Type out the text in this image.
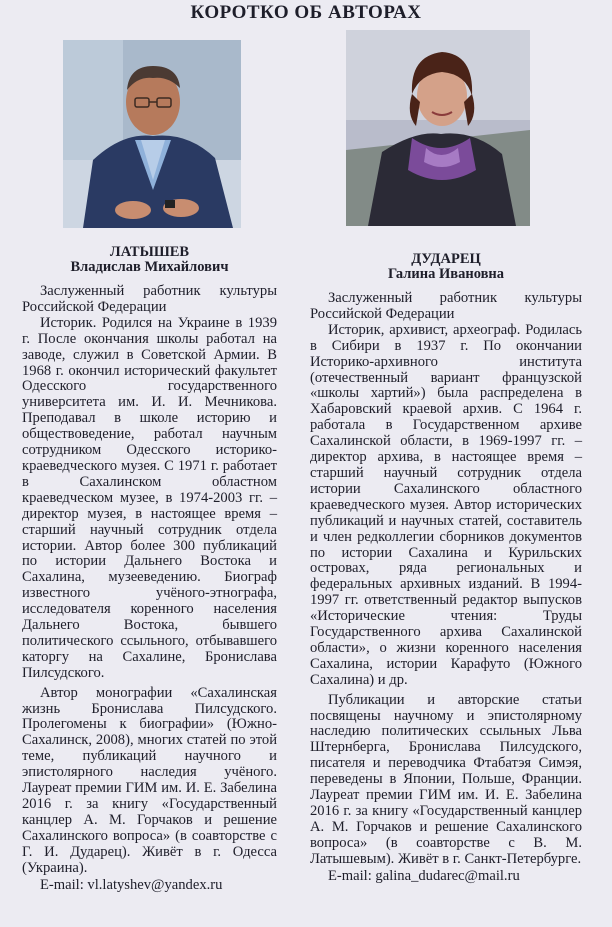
КОРОТКО ОБ АВТОРАХ
ЛАТЫШЕВ
Владислав Михайлович

Заслуженный работник культуры Российской Федерации

Историк. Родился на Украине в 1939 г. После окончания школы работал на заводе, служил в Советской Армии. В 1968 г. окончил исторический факультет Одесского государственного университета им. И. И. Мечникова. Преподавал в школе историю и обществоведение, работал научным сотрудником Одесского историко-краеведческого музея. С 1971 г. работает в Сахалинском областном краеведческом музее, в 1974-2003 гг. – директор музея, в настоящее время – старший научный сотрудник отдела истории. Автор более 300 публикаций по истории Дальнего Востока и Сахалина, музееведению. Биограф известного учёного-этнографа, исследователя коренного населения Дальнего Востока, бывшего политического ссыльного, отбывавшего каторгу на Сахалине, Бронислава Пилсудского.

Автор монографии «Сахалинская жизнь Бронислава Пилсудского. Пролегомены к биографии» (Южно-Сахалинск, 2008), многих статей по этой теме, публикаций научного и эпистолярного наследия учёного. Лауреат премии ГИМ им. И. Е. Забелина 2016 г. за книгу «Государственный канцлер А. М. Горчаков и решение Сахалинского вопроса» (в соавторстве с Г. И. Дударец). Живёт в г. Одесса (Украина).

E-mail: vl.latyshev@yandex.ru
ДУДАРЕЦ
Галина Ивановна

Заслуженный работник культуры Российской Федерации

Историк, архивист, археограф. Родилась в Сибири в 1937 г. По окончании Историко-архивного института (отечественный вариант французской «школы хартий») была распределена в Хабаровский краевой архив. С 1964 г. работала в Государственном архиве Сахалинской области, в 1969-1997 гг. – директор архива, в настоящее время – старший научный сотрудник отдела истории Сахалинского областного краеведческого музея. Автор исторических публикаций и научных статей, составитель и член редколлегии сборников документов по истории Сахалина и Курильских островах, ряда региональных и федеральных архивных изданий. В 1994-1997 гг. ответственный редактор выпусков «Исторические чтения: Труды Государственного архива Сахалинской области», о жизни коренного населения Сахалина, истории Карафуто (Южного Сахалина) и др.

Публикации и авторские статьи посвящены научному и эпистолярному наследию политических ссыльных Льва Штернберга, Бронислава Пилсудского, писателя и переводчика Фтабатэя Симэя, переведены в Японии, Польше, Франции. Лауреат премии ГИМ им. И. Е. Забелина 2016 г. за книгу «Государственный канцлер А. М. Горчаков и решение Сахалинского вопроса» (в соавторстве с В. М. Латышевым). Живёт в г. Санкт-Петербурге.

E-mail: galina_dudarec@mail.ru
